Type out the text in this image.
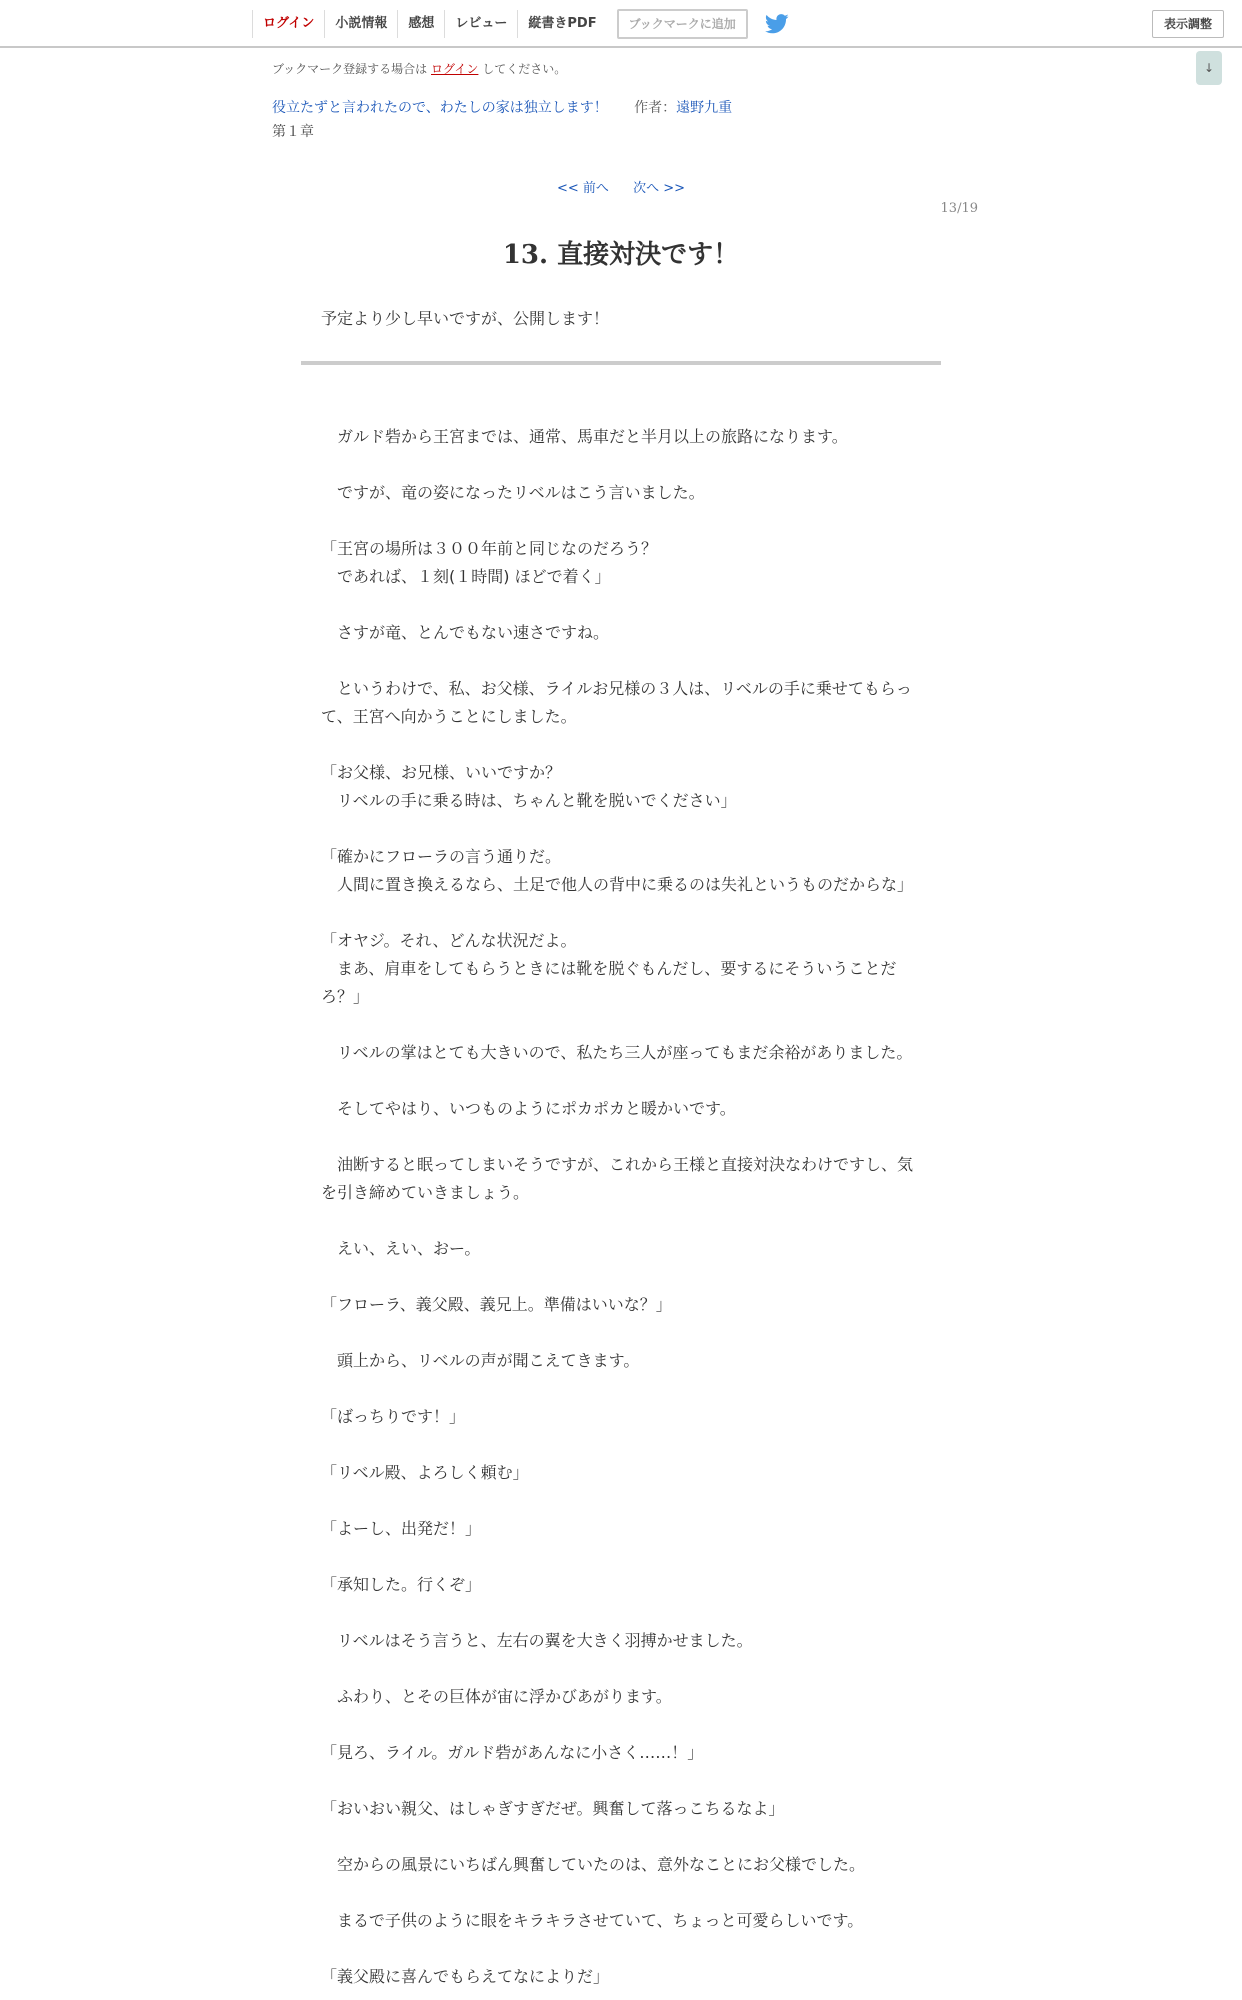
ログイン	小説情報	感想	レビュー	縦書きPDF	ブックマークに追加	表示調整
↓
ブックマーク登録する場合は ログイン してください。
役立たずと言われたので、わたしの家は独立します！ 作者：遠野九重
第１章
<< 前へ 次へ >>
13/19
13. 直接対決です！
予定より少し早いですが、公開します！

　ガルド砦から王宮までは、通常、馬車だと半月以上の旅路になります。

　ですが、竜の姿になったリベルはこう言いました。

「王宮の場所は３００年前と同じなのだろう？

　であれば、１刻(１時間) ほどで着く」

　さすが竜、とんでもない速さですね。

　というわけで、私、お父様、ライルお兄様の３人は、リベルの手に乗せてもらっ

て、王宮へ向かうことにしました。

「お父様、お兄様、いいですか？

　リベルの手に乗る時は、ちゃんと靴を脱いでください」

「確かにフローラの言う通りだ。

　人間に置き換えるなら、土足で他人の背中に乗るのは失礼というものだからな」

「オヤジ。それ、どんな状況だよ。

　まあ、肩車をしてもらうときには靴を脱ぐもんだし、要するにそういうことだ

ろ？」

　リベルの掌はとても大きいので、私たち三人が座ってもまだ余裕がありました。

　そしてやはり、いつものようにポカポカと暖かいです。

　油断すると眠ってしまいそうですが、これから王様と直接対決なわけですし、気

を引き締めていきましょう。

　えい、えい、おー。

「フローラ、義父殿、義兄上。準備はいいな？」

　頭上から、リベルの声が聞こえてきます。

「ばっちりです！」

「リベル殿、よろしく頼む」

「よーし、出発だ！」

「承知した。行くぞ」

　リベルはそう言うと、左右の翼を大きく羽搏かせました。

　ふわり、とその巨体が宙に浮かびあがります。

「見ろ、ライル。ガルド砦があんなに小さく……！」

「おいおい親父、はしゃぎすぎだぜ。興奮して落っこちるなよ」

　空からの風景にいちばん興奮していたのは、意外なことにお父様でした。

　まるで子供のように眼をキラキラさせていて、ちょっと可愛らしいです。

「義父殿に喜んでもらえてなによりだ」
